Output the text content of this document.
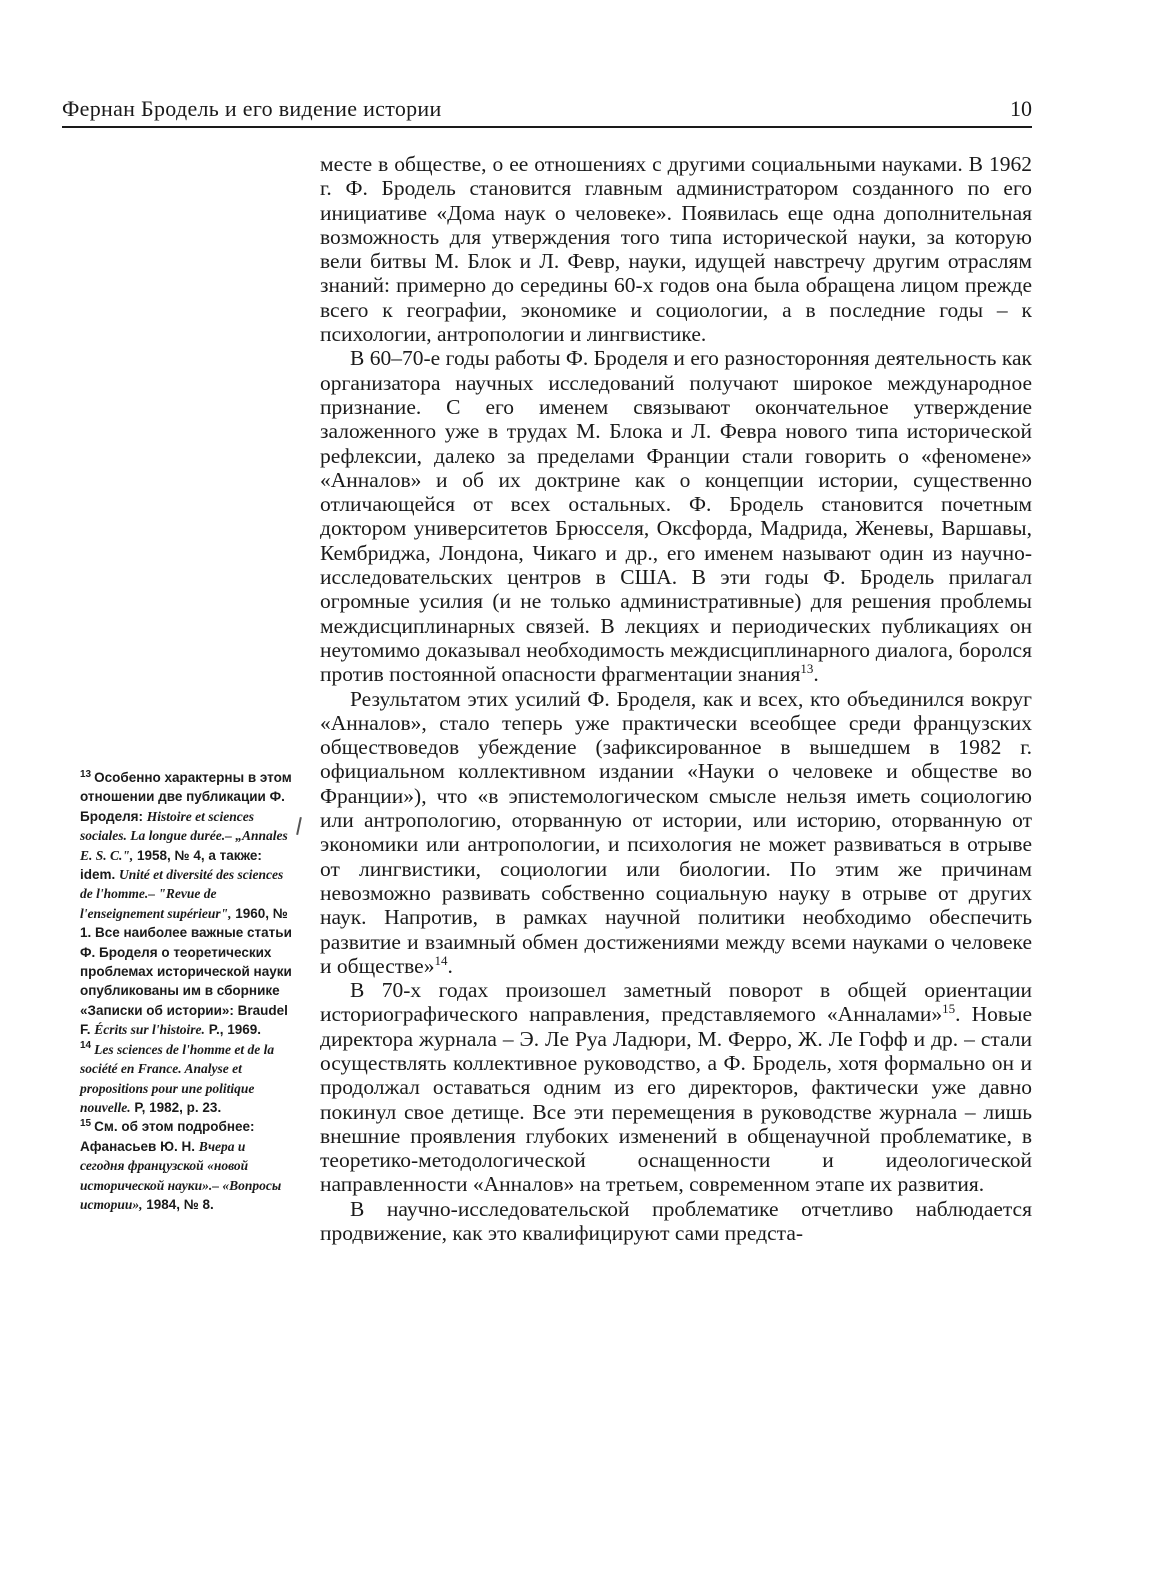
Фернан Бродель и его видение истории	10

месте в обществе, о ее отношениях с другими социальными науками. В 1962 г. Ф. Бродель становится главным администратором созданного по его инициативе «Дома наук о человеке». Появилась еще одна дополнительная возможность для утверждения того типа исторической науки, за которую вели битвы М. Блок и Л. Февр, науки, идущей навстречу другим отраслям знаний: примерно до середины 60-х годов она была обращена лицом прежде всего к географии, экономике и социологии, а в последние годы – к психологии, антропологии и лингвистике.

В 60–70-е годы работы Ф. Броделя и его разносторонняя деятельность как организатора научных исследований получают широкое международное признание. С его именем связывают окончательное утверждение заложенного уже в трудах М. Блока и Л. Февра нового типа исторической рефлексии, далеко за пределами Франции стали говорить о «феномене» «Анналов» и об их доктрине как о концепции истории, существенно отличающейся от всех остальных. Ф. Бродель становится почетным доктором университетов Брюсселя, Оксфорда, Мадрида, Женевы, Варшавы, Кембриджа, Лондона, Чикаго и др., его именем называют один из научно-исследовательских центров в США. В эти годы Ф. Бродель прилагал огромные усилия (и не только административные) для решения проблемы междисциплинарных связей. В лекциях и периодических публикациях он неутомимо доказывал необходимость междисциплинарного диалога, боролся против постоянной опасности фрагментации знания$^{13}$.

Результатом этих усилий Ф. Броделя, как и всех, кто объединился вокруг «Анналов», стало теперь уже практически всеобщее среди французских обществоведов убеждение (зафиксированное в вышедшем в 1982 г. официальном коллективном издании «Науки о человеке и обществе во Франции»), что «в эпистемологическом смысле нельзя иметь социологию или антропологию, оторванную от истории, или историю, оторванную от экономики или антропологии, и психология не может развиваться в отрыве от лингвистики, социологии или биологии. По этим же причинам невозможно развивать собственно социальную науку в отрыве от других наук. Напротив, в рамках научной политики необходимо обеспечить развитие и взаимный обмен достижениями между всеми науками о человеке и обществе»$^{14}$.

В 70-х годах произошел заметный поворот в общей ориентации историографического направления, представляемого «Анналами»$^{15}$. Новые директора журнала – Э. Ле Руа Ладюри, М. Ферро, Ж. Ле Гофф и др. – стали осуществлять коллективное руководство, а Ф. Бродель, хотя формально он и продолжал оставаться одним из его директоров, фактически уже давно покинул свое детище. Все эти перемещения в руководстве журнала – лишь внешние проявления глубоких изменений в общенаучной проблематике, в теоретико-методологической оснащенности и идеологической направленности «Анналов» на третьем, современном этапе их развития.

В научно-исследовательской проблематике отчетливо наблюдается продвижение, как это квалифицируют сами предста-

$^{13}$ Особенно характерны в этом отношении две публикации Ф. Броделя: Histoire et sciences sociales. La longue durée.– „Annales E. S. C.", 1958, № 4, а также: idem. Unité et diversité des sciences de l'homme.– "Revue de l'enseignement supérieur", 1960, № 1. Все наиболее важные статьи Ф. Броделя о теоретических проблемах исторической науки опубликованы им в сборнике «Записки об истории»: Braudel F. Écrits sur l'histoire. P., 1969.

$^{14}$ Les sciences de l'homme et de la société en France. Analyse et propositions pour une politique nouvelle. P, 1982, p. 23.

$^{15}$ См. об этом подробнее: Афанасьев Ю. Н. Вчера и сегодня французской «новой исторической науки».– «Вопросы истории», 1984, № 8.
